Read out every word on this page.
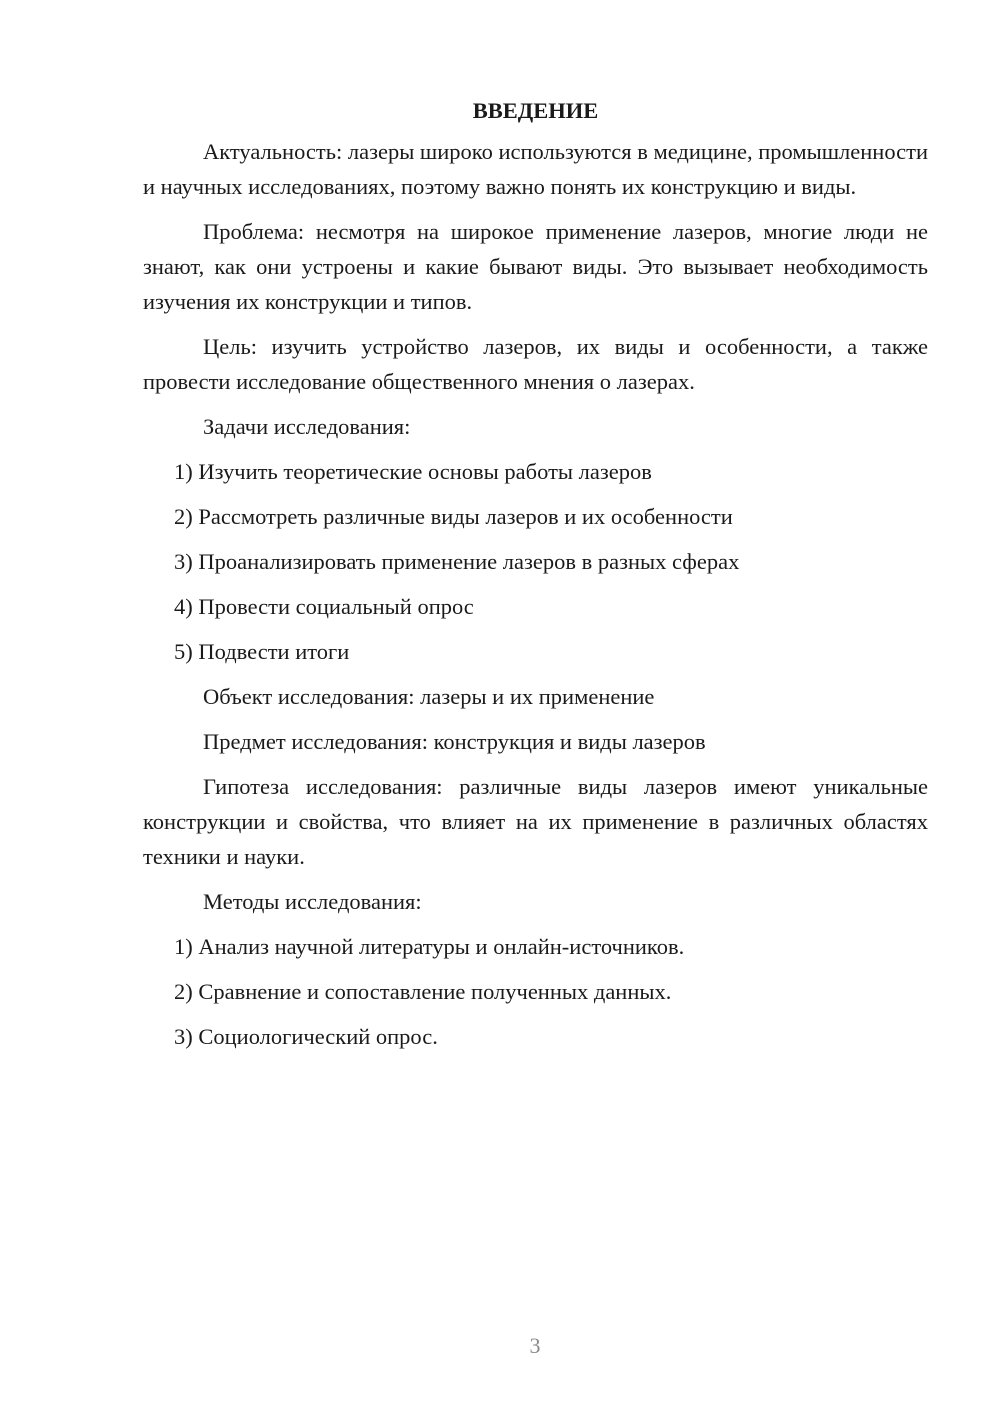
ВВЕДЕНИЕ

Актуальность: лазеры широко используются в медицине, промышленности и научных исследованиях, поэтому важно понять их конструкцию и виды.

Проблема: несмотря на широкое применение лазеров, многие люди не знают, как они устроены и какие бывают виды. Это вызывает необходимость изучения их конструкции и типов.

Цель: изучить устройство лазеров, их виды и особенности, а также провести исследование общественного мнения о лазерах.

Задачи исследования:
1) Изучить теоретические основы работы лазеров
2) Рассмотреть различные виды лазеров и их особенности
3) Проанализировать применение лазеров в разных сферах
4) Провести социальный опрос
5) Подвести итоги
Объект исследования: лазеры и их применение
Предмет исследования: конструкция и виды лазеров

Гипотеза исследования: различные виды лазеров имеют уникальные конструкции и свойства, что влияет на их применение в различных областях техники и науки.

Методы исследования:
1) Анализ научной литературы и онлайн-источников.
2) Сравнение и сопоставление полученных данных.
3) Социологический опрос.
3
